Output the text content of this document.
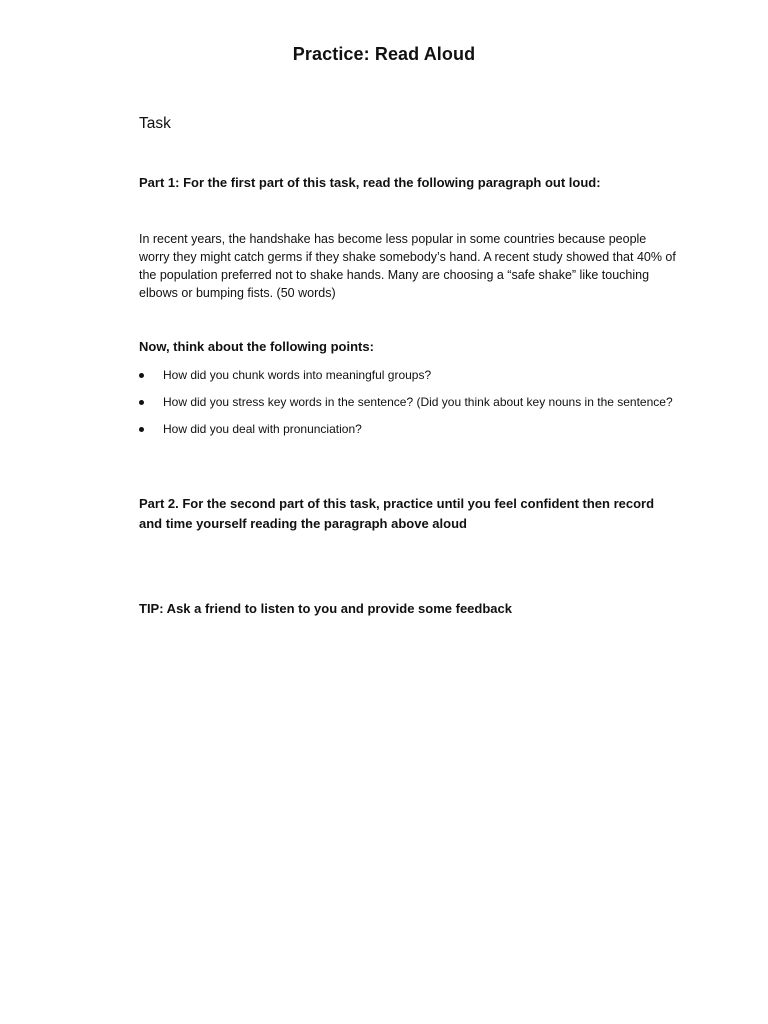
Practice: Read Aloud
Task
Part 1: For the first part of this task, read the following paragraph out loud:
In recent years, the handshake has become less popular in some countries because people worry they might catch germs if they shake somebody’s hand. A recent study showed that 40% of the population preferred not to shake hands. Many are choosing a “safe shake” like touching elbows or bumping fists. (50 words)
Now, think about the following points:
How did you chunk words into meaningful groups?
How did you stress key words in the sentence? (Did you think about key nouns in the sentence?
How did you deal with pronunciation?
Part 2. For the second part of this task, practice until you feel confident then record and time yourself reading the paragraph above aloud
TIP: Ask a friend to listen to you and provide some feedback
